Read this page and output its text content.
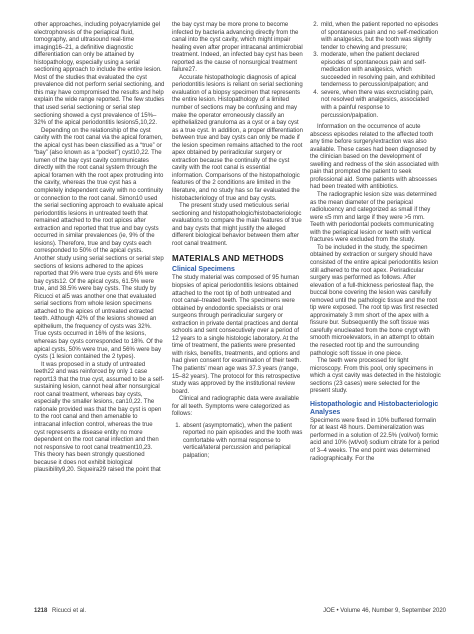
other approaches, including polyacrylamide gel electrophoresis of the periapical fluid, tomography, and ultrasound real-time imaging16–21, a definitive diagnostic differentiation can only be attained by histopathology, especially using a serial sectioning approach to include the entire lesion. Most of the studies that evaluated the cyst prevalence did not perform serial sectioning, and this may have compromised the results and help explain the wide range reported. The few studies that used serial sectioning or serial step sectioning showed a cyst prevalence of 15%–32% of the apical periodontitis lesions5,10,22.

Depending on the relationship of the cyst cavity with the root canal via the apical foramen, the apical cyst has been classified as a “true” or “bay” (also known as a “pocket”) cyst10,22. The lumen of the bay cyst cavity communicates directly with the root canal system through the apical foramen with the root apex protruding into the cavity, whereas the true cyst has a completely independent cavity with no continuity or connection to the root canal. Simon10 used the serial sectioning approach to evaluate apical periodontitis lesions in untreated teeth that remained attached to the root apices after extraction and reported that true and bay cysts occurred in similar prevalences (ie, 9% of the lesions). Therefore, true and bay cysts each corresponded to 50% of the apical cysts. Another study using serial sections or serial step sections of lesions adhered to the apices reported that 9% were true cysts and 6% were bay cysts12. Of the apical cysts, 61.5% were true, and 38.5% were bay cysts. The study by Ricucci et al5 was another one that evaluated serial sections from whole lesion specimens attached to the apices of untreated extracted teeth. Although 42% of the lesions showed an epithelium, the frequency of cysts was 32%. True cysts occurred in 16% of the lesions, whereas bay cysts corresponded to 18%. Of the apical cysts, 50% were true, and 56% were bay cysts (1 lesion contained the 2 types).

It was proposed in a study of untreated teeth22 and was reinforced by only 1 case report13 that the true cyst, assumed to be a self-sustaining lesion, cannot heal after nonsurgical root canal treatment, whereas bay cysts, especially the smaller lesions, can10,22. The rationale provided was that the bay cyst is open to the root canal and then amenable to intracanal infection control, whereas the true cyst represents a disease entity no more dependent on the root canal infection and then not responsive to root canal treatment10,23. This theory has been strongly questioned because it does not exhibit biological plausibility9,20. Siqueira29 raised the point that

the bay cyst may be more prone to become infected by bacteria advancing directly from the canal into the cyst cavity, which might impair healing even after proper intracanal antimicrobial treatment. Indeed, an infected bay cyst has been reported as the cause of nonsurgical treatment failure27.

Accurate histopathologic diagnosis of apical periodontitis lesions is reliant on serial sectioning evaluation of a biopsy specimen that represents the entire lesion. Histopathology of a limited number of sections may be confusing and may make the operator erroneously classify an epithelialized granuloma as a cyst or a bay cyst as a true cyst. In addition, a proper differentiation between true and bay cysts can only be made if the lesion specimen remains attached to the root apex obtained by periradicular surgery or extraction because the continuity of the cyst cavity with the root canal is essential information. Comparisons of the histopathologic features of the 2 conditions are limited in the literature, and no study has so far evaluated the histobacteriology of true and bay cysts.

The present study used meticulous serial sectioning and histopathologic/histobacteriologic evaluations to compare the main features of true and bay cysts that might justify the alleged different biological behavior between them after root canal treatment.

MATERIALS AND METHODS
Clinical Specimens

The study material was composed of 95 human biopsies of apical periodontitis lesions obtained attached to the root tip of both untreated and root canal–treated teeth. The specimens were obtained by endodontic specialists or oral surgeons through periradicular surgery or extraction in private dental practices and dental schools and sent consecutively over a period of 12 years to a single histologic laboratory. At the time of treatment, the patients were presented with risks, benefits, treatments, and options and had given consent for examination of their teeth. The patients’ mean age was 37.3 years (range, 15–82 years). The protocol for this retrospective study was approved by the institutional review board.

Clinical and radiographic data were available for all teeth. Symptoms were categorized as follows:

1. absent (asymptomatic), when the patient reported no pain episodes and the tooth was comfortable with normal response to vertical/lateral percussion and periapical palpation;
2. mild, when the patient reported no episodes of spontaneous pain and no self-medication with analgesics, but the tooth was slightly tender to chewing and pressure;
3. moderate, when the patient declared episodes of spontaneous pain and self-medication with analgesics, which succeeded in resolving pain, and exhibited tenderness to percussion/palpation; and
4. severe, when there was excruciating pain, not resolved with analgesics, associated with a painful response to percussion/palpation.

Information on the occurrence of acute abscess episodes related to the affected tooth any time before surgery/extraction was also available. These cases had been diagnosed by the clinician based on the development of swelling and redness of the skin associated with pain that prompted the patient to seek professional aid. Some patients with abscesses had been treated with antibiotics.

The radiographic lesion size was determined as the mean diameter of the periapical radiolucency and categorized as small if they were ≤5 mm and large if they were >5 mm. Teeth with periodontal pockets communicating with the periapical lesion or teeth with vertical fractures were excluded from the study.

To be included in the study, the specimen obtained by extraction or surgery should have consisted of the entire apical periodontitis lesion still adhered to the root apex. Periradicular surgery was performed as follows. After elevation of a full-thickness periosteal flap, the buccal bone covering the lesion was carefully removed until the pathologic tissue and the root tip were exposed. The root tip was first resected approximately 3 mm short of the apex with a fissure bur. Subsequently the soft tissue was carefully enucleated from the bone crypt with smooth microelevators, in an attempt to obtain the resected root tip and the surrounding pathologic soft tissue in one piece.

The teeth were processed for light microscopy. From this pool, only specimens in which a cyst cavity was detected in the histologic sections (23 cases) were selected for the present study.

Histopathologic and Histobacteriologic Analyses

Specimens were fixed in 10% buffered formalin for at least 48 hours. Demineralization was performed in a solution of 22.5% (vol/vol) formic acid and 10% (wt/vol) sodium citrate for a period of 3–4 weeks. The end point was determined radiographically. For the

1218 Ricucci et al.	JOE • Volume 46, Number 9, September 2020
